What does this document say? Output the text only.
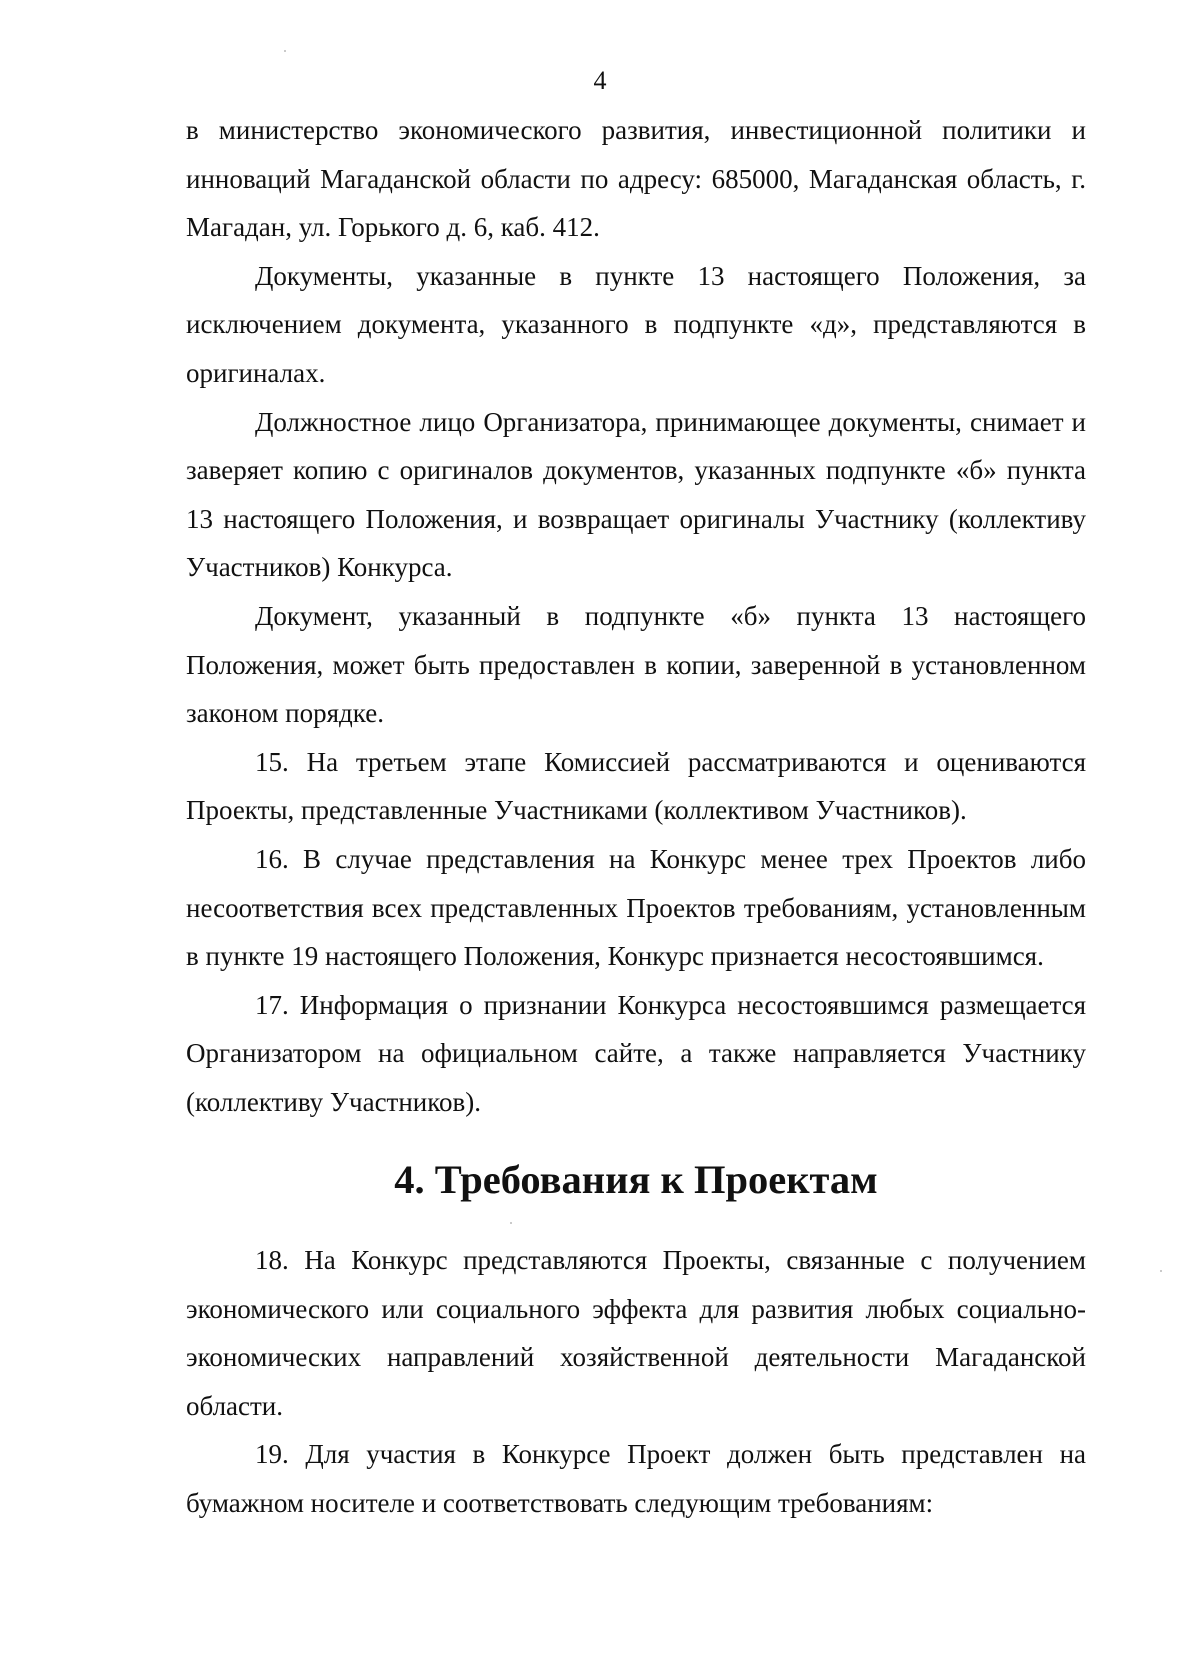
4

в министерство экономического развития, инвестиционной политики и инноваций Магаданской области по адресу: 685000, Магаданская область, г. Магадан, ул. Горького д. 6, каб. 412.

Документы, указанные в пункте 13 настоящего Положения, за исключением документа, указанного в подпункте «д», представляются в оригиналах.

Должностное лицо Организатора, принимающее документы, снимает и заверяет копию с оригиналов документов, указанных подпункте «б» пункта 13 настоящего Положения, и возвращает оригиналы Участнику (коллективу Участников) Конкурса.

Документ, указанный в подпункте «б» пункта 13 настоящего Положения, может быть предоставлен в копии, заверенной в установленном законом порядке.

15. На третьем этапе Комиссией рассматриваются и оцениваются Проекты, представленные Участниками (коллективом Участников).

16. В случае представления на Конкурс менее трех Проектов либо несоответствия всех представленных Проектов требованиям, установленным в пункте 19 настоящего Положения, Конкурс признается несостоявшимся.

17. Информация о признании Конкурса несостоявшимся размещается Организатором на официальном сайте, а также направляется Участнику (коллективу Участников).

4. Требования к Проектам

18. На Конкурс представляются Проекты, связанные с получением экономического или социального эффекта для развития любых социально-экономических направлений хозяйственной деятельности Магаданской области.

19. Для участия в Конкурсе Проект должен быть представлен на бумажном носителе и соответствовать следующим требованиям:
